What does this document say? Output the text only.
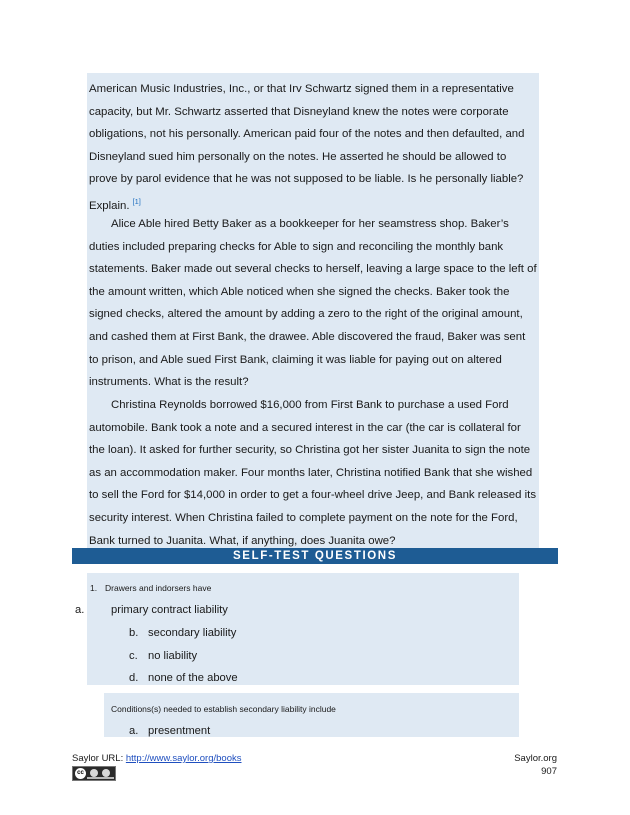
American Music Industries, Inc., or that Irv Schwartz signed them in a representative capacity, but Mr. Schwartz asserted that Disneyland knew the notes were corporate obligations, not his personally. American paid four of the notes and then defaulted, and Disneyland sued him personally on the notes. He asserted he should be allowed to prove by parol evidence that he was not supposed to be liable. Is he personally liable? Explain. [1]

Alice Able hired Betty Baker as a bookkeeper for her seamstress shop. Baker’s duties included preparing checks for Able to sign and reconciling the monthly bank statements. Baker made out several checks to herself, leaving a large space to the left of the amount written, which Able noticed when she signed the checks. Baker took the signed checks, altered the amount by adding a zero to the right of the original amount, and cashed them at First Bank, the drawee. Able discovered the fraud, Baker was sent to prison, and Able sued First Bank, claiming it was liable for paying out on altered instruments. What is the result?

Christina Reynolds borrowed $16,000 from First Bank to purchase a used Ford automobile. Bank took a note and a secured interest in the car (the car is collateral for the loan). It asked for further security, so Christina got her sister Juanita to sign the note as an accommodation maker. Four months later, Christina notified Bank that she wished to sell the Ford for $14,000 in order to get a four-wheel drive Jeep, and Bank released its security interest. When Christina failed to complete payment on the note for the Ford, Bank turned to Juanita. What, if anything, does Juanita owe?

SELF-TEST QUESTIONS
1. Drawers and indorsers have
a. primary contract liability
b. secondary liability
c. no liability
d. none of the above
Conditions(s) needed to establish secondary liability include
a. presentment
Saylor URL: http://www.saylor.org/books
cc
Saylor.org
907
